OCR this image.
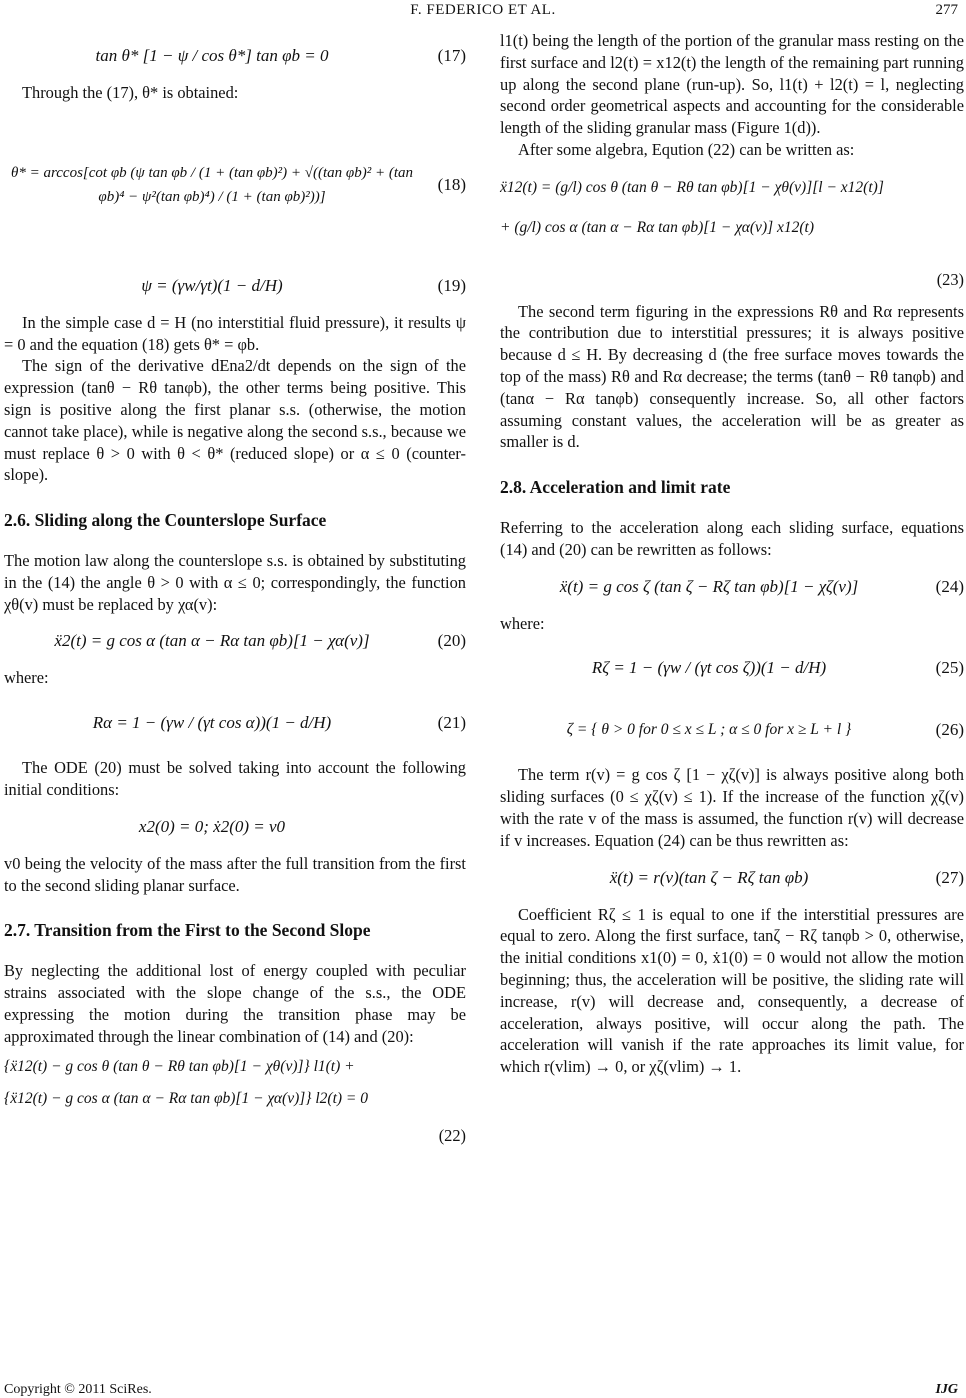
F. FEDERICO ET AL.	277
tan θ* [1 − ψ / cos θ*] tan φb = 0	(17)

Through the (17), θ* is obtained:

θ* = arccos[cot φb (ψ tan φb / (1 + (tan φb)²) + √((tan φb)² + (tan φb)⁴ − ψ²(tan φb)⁴) / (1 + (tan φb)²))]
(18)
ψ = (γw/γt)(1 − d/H)	(19)

In the simple case d = H (no interstitial fluid pressure), it results ψ = 0 and the equation (18) gets θ* = φb.

The sign of the derivative dEna2/dt depends on the sign of the expression (tanθ − Rθ tanφb), the other terms being positive. This sign is positive along the first planar s.s. (otherwise, the motion cannot take place), while is negative along the second s.s., because we must replace θ > 0 with θ < θ* (reduced slope) or α ≤ 0 (counter-slope).

2.6. Sliding along the Counterslope Surface

The motion law along the counterslope s.s. is obtained by substituting in the (14) the angle θ > 0 with α ≤ 0; correspondingly, the function χθ(v) must be replaced by χα(v):

ẍ2(t) = g cos α (tan α − Rα tan φb)[1 − χα(v)]	(20)

where:

Rα = 1 − (γw / (γt cos α))(1 − d/H)	(21)

The ODE (20) must be solved taking into account the following initial conditions:

x2(0) = 0; ẋ2(0) = v0

v0 being the velocity of the mass after the full transition from the first to the second sliding planar surface.

2.7. Transition from the First to the Second Slope

By neglecting the additional lost of energy coupled with peculiar strains associated with the slope change of the s.s., the ODE expressing the motion during the transition phase may be approximated through the linear combination of (14) and (20):

{ẍ12(t) − g cos θ (tan θ − Rθ tan φb)[1 − χθ(v)]} l1(t) +
{ẍ12(t) − g cos α (tan α − Rα tan φb)[1 − χα(v)]} l2(t) = 0
(22)

l1(t) being the length of the portion of the granular mass resting on the first surface and l2(t) = x12(t) the length of the remaining part running up along the second plane (run-up). So, l1(t) + l2(t) = l, neglecting second order geometrical aspects and accounting for the considerable length of the sliding granular mass (Figure 1(d)).

After some algebra, Eqution (22) can be written as:

ẍ12(t) = (g/l) cos θ (tan θ − Rθ tan φb)[1 − χθ(v)][l − x12(t)]
+ (g/l) cos α (tan α − Rα tan φb)[1 − χα(v)] x12(t)
(23)

The second term figuring in the expressions Rθ and Rα represents the contribution due to interstitial pressures; it is always positive because d ≤ H. By decreasing d (the free surface moves towards the top of the mass) Rθ and Rα decrease; the terms (tanθ − Rθ tanφb) and (tanα − Rα tanφb) consequently increase. So, all other factors assuming constant values, the acceleration will be as greater as smaller is d.

2.8. Acceleration and limit rate

Referring to the acceleration along each sliding surface, equations (14) and (20) can be rewritten as follows:

ẍ(t) = g cos ζ (tan ζ − Rζ tan φb)[1 − χζ(v)]	(24)

where:

Rζ = 1 − (γw / (γt cos ζ))(1 − d/H)	(25)
ζ = { θ > 0 for 0 ≤ x ≤ L ; α ≤ 0 for x ≥ L + l }	(26)

The term r(v) = g cos ζ [1 − χζ(v)] is always positive along both sliding surfaces (0 ≤ χζ(v) ≤ 1). If the increase of the function χζ(v) with the rate v of the mass is assumed, the function r(v) will decrease if v increases. Equation (24) can be thus rewritten as:

ẍ(t) = r(v)(tan ζ − Rζ tan φb)	(27)

Coefficient Rζ ≤ 1 is equal to one if the interstitial pressures are equal to zero. Along the first surface, tanζ − Rζ tanφb > 0, otherwise, the initial conditions x1(0) = 0, ẋ1(0) = 0 would not allow the motion beginning; thus, the acceleration will be positive, the sliding rate will increase, r(v) will decrease and, consequently, a decrease of acceleration, always positive, will occur along the path. The acceleration will vanish if the rate approaches its limit value, for which r(vlim) → 0, or χζ(vlim) → 1.

Copyright © 2011 SciRes.	IJG
